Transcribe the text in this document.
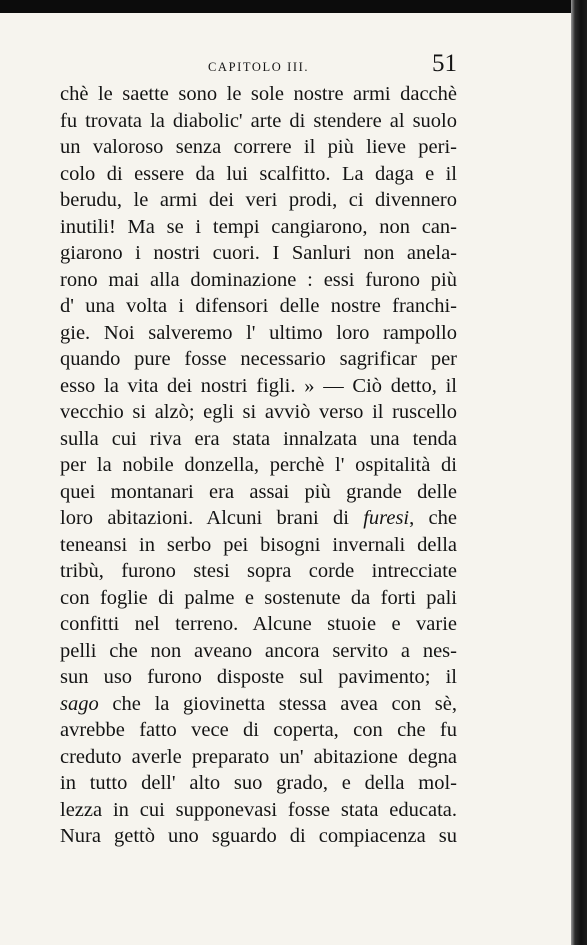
CAPITOLO III.	51
chè le saette sono le sole nostre armi dacchè
fu trovata la diabolic' arte di stendere al suolo
un valoroso senza correre il più lieve peri-
colo di essere da lui scalfitto. La daga e il
berudu, le armi dei veri prodi, ci divennero
inutili! Ma se i tempi cangiarono, non can-
giarono i nostri cuori. I Sanluri non anela-
rono mai alla dominazione : essi furono più
d' una volta i difensori delle nostre franchi-
gie. Noi salveremo l' ultimo loro rampollo
quando pure fosse necessario sagrificar per
esso la vita dei nostri figli. » — Ciò detto, il
vecchio si alzò; egli si avviò verso il ruscello
sulla cui riva era stata innalzata una tenda
per la nobile donzella, perchè l' ospitalità di
quei montanari era assai più grande delle
loro abitazioni. Alcuni brani di furesi, che
teneansi in serbo pei bisogni invernali della
tribù, furono stesi sopra corde intrecciate
con foglie di palme e sostenute da forti pali
confitti nel terreno. Alcune stuoie e varie
pelli che non aveano ancora servito a nes-
sun uso furono disposte sul pavimento; il
sago che la giovinetta stessa avea con sè,
avrebbe fatto vece di coperta, con che fu
creduto averle preparato un' abitazione degna
in tutto dell' alto suo grado, e della mol-
lezza in cui supponevasi fosse stata educata.
Nura gettò uno sguardo di compiacenza su
